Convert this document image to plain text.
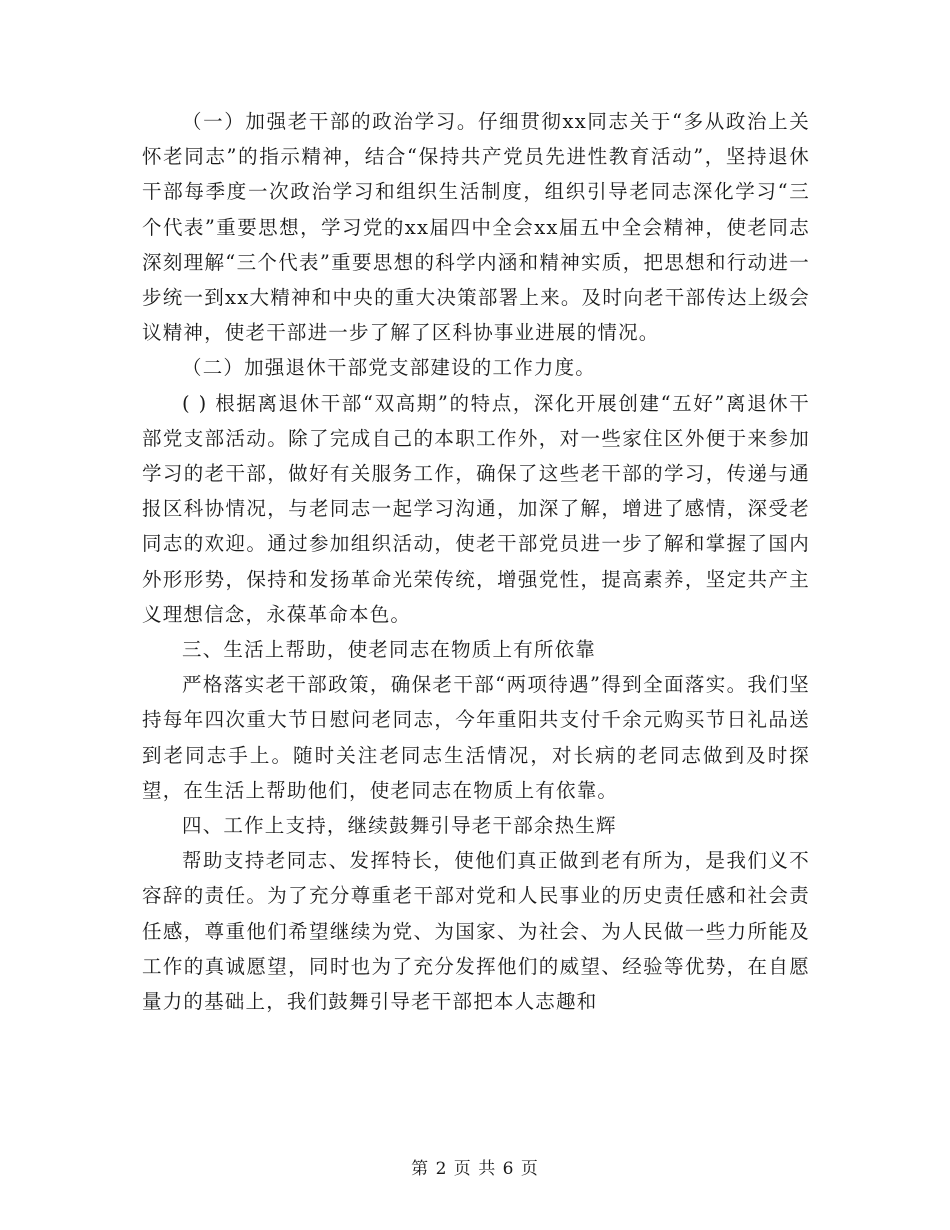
（一）加强老干部的政治学习。仔细贯彻xx同志关于“多从政治上关怀老同志”的指示精神，结合“保持共产党员先进性教育活动”，坚持退休干部每季度一次政治学习和组织生活制度，组织引导老同志深化学习“三个代表”重要思想，学习党的xx届四中全会xx届五中全会精神，使老同志深刻理解“三个代表”重要思想的科学内涵和精神实质，把思想和行动进一步统一到xx大精神和中央的重大决策部署上来。及时向老干部传达上级会议精神，使老干部进一步了解了区科协事业进展的情况。

（二）加强退休干部党支部建设的工作力度。

( ) 根据离退休干部“双高期”的特点，深化开展创建“五好”离退休干部党支部活动。除了完成自己的本职工作外，对一些家住区外便于来参加学习的老干部，做好有关服务工作，确保了这些老干部的学习，传递与通报区科协情况，与老同志一起学习沟通，加深了解，增进了感情，深受老同志的欢迎。通过参加组织活动，使老干部党员进一步了解和掌握了国内外形形势，保持和发扬革命光荣传统，增强党性，提高素养，坚定共产主义理想信念，永葆革命本色。

三、生活上帮助，使老同志在物质上有所依靠

严格落实老干部政策，确保老干部“两项待遇”得到全面落实。我们坚持每年四次重大节日慰问老同志，今年重阳共支付千余元购买节日礼品送到老同志手上。随时关注老同志生活情况，对长病的老同志做到及时探望，在生活上帮助他们，使老同志在物质上有依靠。

四、工作上支持，继续鼓舞引导老干部余热生辉

帮助支持老同志、发挥特长，使他们真正做到老有所为，是我们义不容辞的责任。为了充分尊重老干部对党和人民事业的历史责任感和社会责任感，尊重他们希望继续为党、为国家、为社会、为人民做一些力所能及工作的真诚愿望，同时也为了充分发挥他们的威望、经验等优势，在自愿量力的基础上，我们鼓舞引导老干部把本人志趣和

第 2 页 共 6 页
